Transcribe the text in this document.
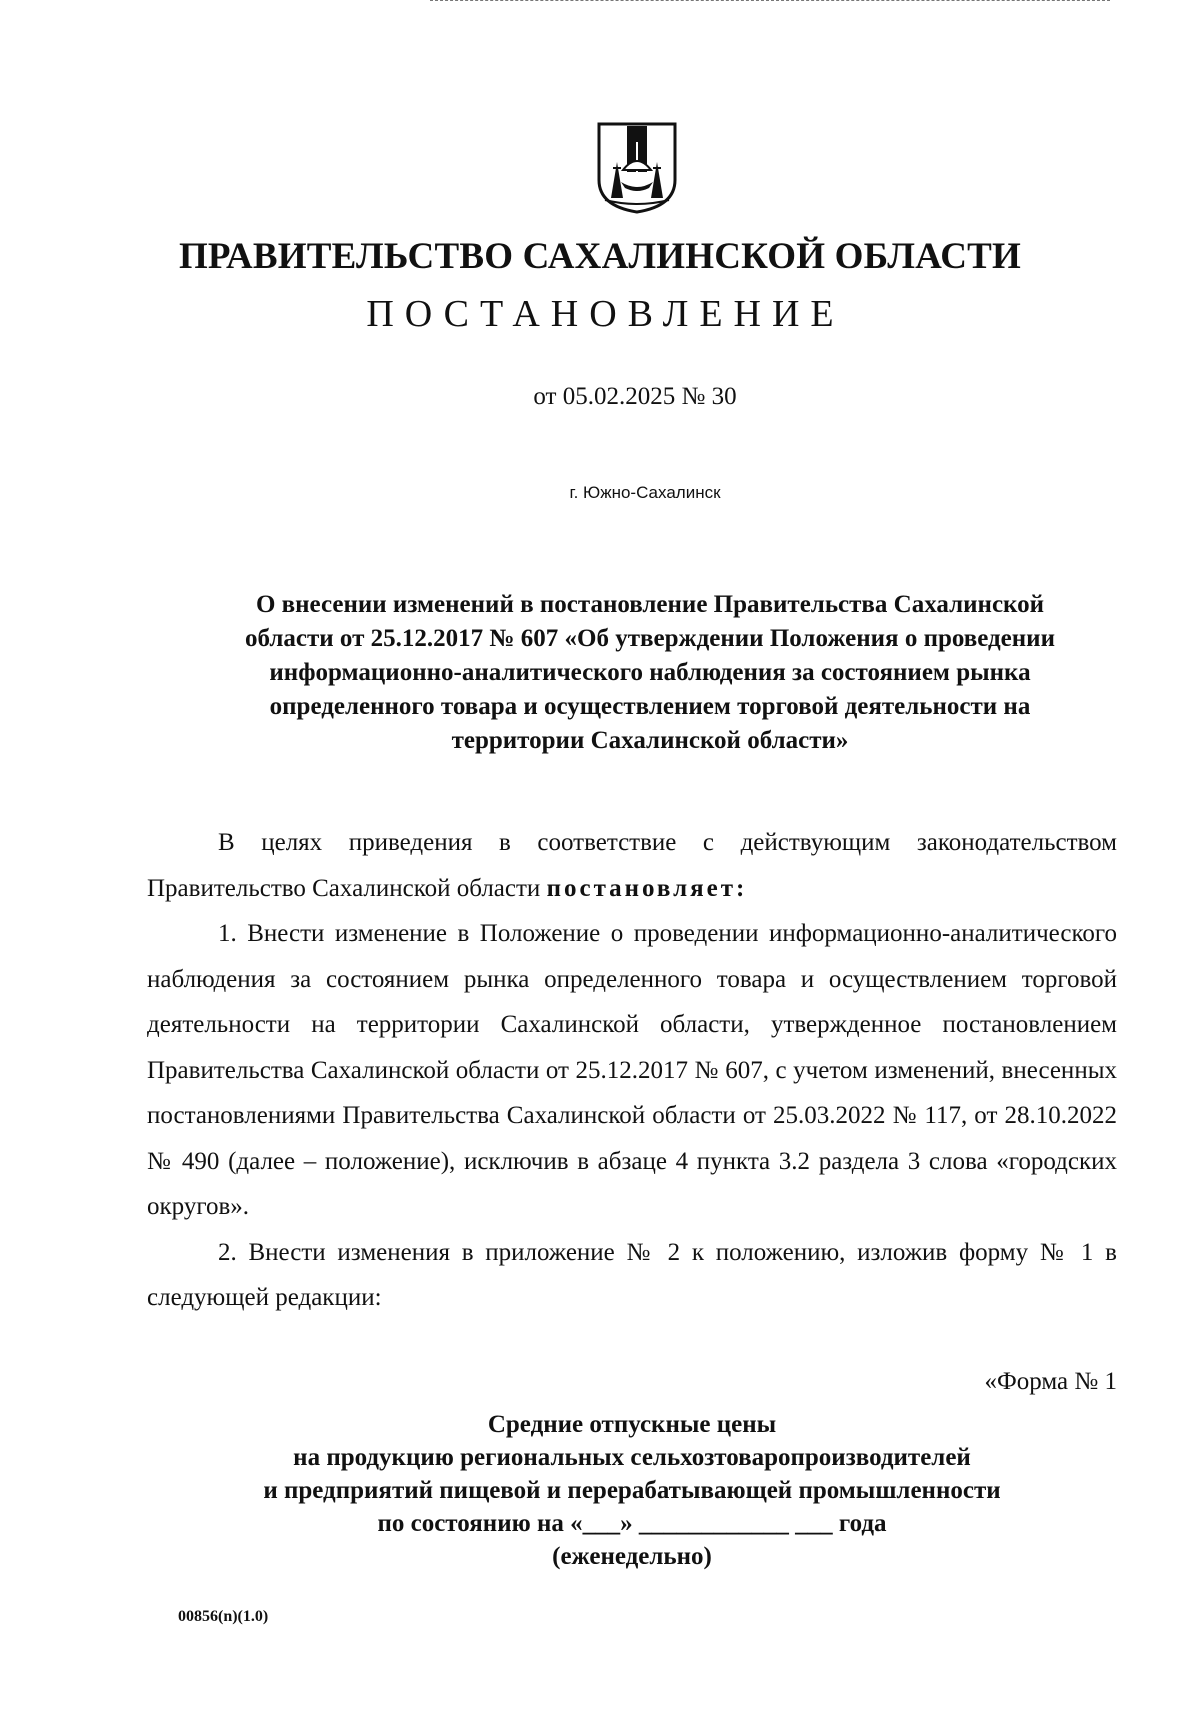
ПРАВИТЕЛЬСТВО САХАЛИНСКОЙ ОБЛАСТИ
ПОСТАНОВЛЕНИЕ
от 05.02.2025 № 30
г. Южно-Сахалинск
О внесении изменений в постановление Правительства Сахалинской
области от 25.12.2017 № 607 «Об утверждении Положения о проведении
информационно-аналитического наблюдения за состоянием рынка
определенного товара и осуществлением торговой деятельности на
территории Сахалинской области»

В целях приведения в соответствие с действующим законодательством Правительство Сахалинской области постановляет:

1. Внести изменение в Положение о проведении информационно-аналитического наблюдения за состоянием рынка определенного товара и осуществлением торговой деятельности на территории Сахалинской области, утвержденное постановлением Правительства Сахалинской области от 25.12.2017 № 607, с учетом изменений, внесенных постановлениями Правительства Сахалинской области от 25.03.2022 № 117, от 28.10.2022 № 490 (далее – положение), исключив в абзаце 4 пункта 3.2 раздела 3 слова «городских округов».

2. Внести изменения в приложение № 2 к положению, изложив форму № 1 в следующей редакции:

«Форма № 1
Средние отпускные цены
на продукцию региональных сельхозтоваропроизводителей
и предприятий пищевой и перерабатывающей промышленности
по состоянию на «___» ____________ ___ года
(еженедельно)
00856(n)(1.0)
